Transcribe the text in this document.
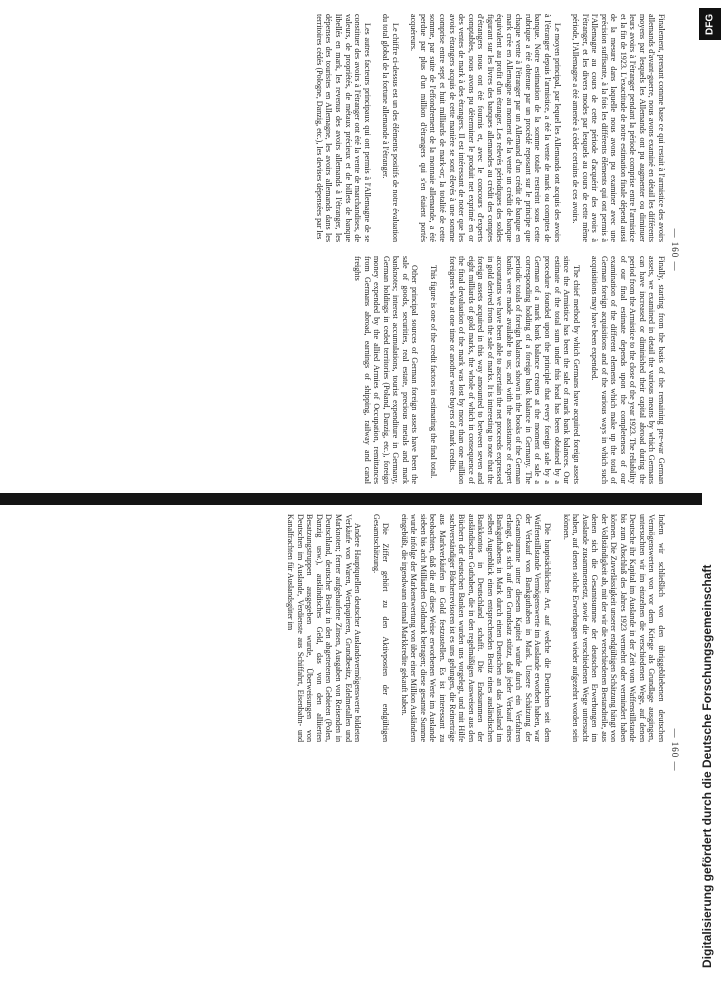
— 160 —

Finalement, prenant comme base ce qui restait à l'armistice des avoirs allemands d'avant-guerre, nous avons examiné en détail les différents moyens par lesquels les Allemands ont pu augmenter ou diminuer leurs avoirs à l'étranger pendant la période comprise entre l'armistice et la fin de 1923. L'exactitude de notre estimation finale dépend aussi de la mesure dans laquelle nous avons pu examiner avec une précision suffisante, à la fois les différents éléments qui ont permis à l'Allemagne au cours de cette période d'acquérir des avoirs à l'étranger, et les divers modes par lesquels au cours de cette même période, l'Allemagne a été amenée à céder certains de ces avoirs.

Le moyen principal, par lequel les Allemands ont acquis des avoirs à l'étranger depuis l'armistice, a été la vente de mark ou comptes de banque. Notre estimation de la somme totale restreint sous cette rubrique a été obtenue par un procédé reposant sur le principe que chaque vente à l'étranger par un Allemand d'un crédit de banque en mark crée en Allemagne au moment de la vente un crédit de banque équivalent au profit d'un étranger. Les relevés périodiques des soldes figurant sur les livres des banques allemandes au crédit des comptes d'étrangers nous ont été fournis et, avec le concours d'experts comptables, nous avons pu déterminer le produit net exprimé en or des ventes de mark à des étrangers. Il est intéressant de noter que les avoirs étrangers acquis de cette manière se sont élevés à une somme comprise entre sept et huit milliards de mark-or; la totalité de cette somme, par suite de l'effondrement de la monnaie allemande, a été perdue par plus d'un million d'étrangers qui s'en étaient portés acquéreurs.

Le chiffre ci-dessus est un des éléments positifs de notre évaluation du total global de la fortune allemande à l'étranger.

Les autres facteurs principaux qui ont permis à l'Allemagne de se constituer des avoirs à l'étranger ont été la vente de marchandises, de valeurs, de propriétés, de métaux précieux et de billets de banque libellés en mark, les revenus des avoirs allemands à l'étranger, les dépenses des touristes en Allemagne, les avoirs allemands dans les territoires cédés (Pologne, Danzig, etc.), les devises dépensées par les

Finally, starting from the basis of the remaining pre-war German assets, we examined in detail the various means by which Germans can have increased or diminished their capital abroad during the period from the Armistice to the close of the year 1923. The reliability of our final estimate depends upon the completeness of our examination of the different elements which make up the total of German foreign acquisitions and of the various ways in which such acquisitions may have been expended.

The chief method by which Germans have acquired foreign assets since the Armistice has been the sale of mark bank balances. Our estimate of the total sum under this head has been obtained by a procedure founded upon the principle that every foreign sale by a German of a mark bank balance creates at the moment of sale a corresponding holding of a foreign bank balance in Germany. The periodic totals of foreign balances shown in the books of the German banks were made available to us; and with the assistance of expert accountants we have been able to ascertain the net proceeds expressed in gold derived from the sale of marks. It is interesting to note that the foreign assets acquired in this way amounted to between seven and eight milliards of gold marks, the whole of which in consequence of the final devaluation of the mark was lost by more than one million foreigners who at one time or another were buyers of mark credits.

This figure is one of the credit factors in estimating the final total.

Other principal sources of German foreign assets have been the sale of goods, securities, real estate, precious metals and mark banknotes; interest accumulations, tourist expenditure in Germany, German holdings in ceded territories (Poland, Danzig, etc.), foreign money expended by the allied Armies of Occupation, remittances from Germans abroad, earnings of shipping, railway and canal freights

— 160 —

Indem wir schließlich von den übriggebliebenen deutschen Vermögenswerten von vor dem Kriege als Grundlage ausgingen, untersuchten wir im einzelnen die verschiedenen Wege, auf denen Deutsche ihr Kapital im Auslande in der Zeit vom Waffenstillstande bis zum Abschluß des Jahres 1923 vermehrt oder vermindert haben können. Die Zuverlässigkeit unserer endgültigen Schätzung hängt von der Vollständigkeit ab, mit der wir die verschiedenen Bestandteile, aus denen sich die Gesamtsumme der deutschen Erwerbungen im Auslande zusammensetzt, sowie die verschiedenen Wege untersucht haben, auf denen solche Erwerbungen wieder aufgezehrt worden sein können.

Die hauptsächlichste Art, auf welche die Deutschen seit dem Waffenstillstande Vermögenswerte im Auslande erworben haben, war der Verkauf von Bankguthaben in Mark. Unsere Schätzung der Gesamtsumme unter diesem Kapitel wurde durch ein Verfahren erlangt, das sich auf den Grundsatz stützt, daß jeder Verkauf eines Bankguthabens in Mark durch einen Deutschen an das Ausland im selben Augenblick einen entsprechenden Besitz eines ausländischen Bankkontos in Deutschland schafft. Die Endsummen der ausländischen Guthaben, die in den regelmäßigen Ausweisen aus den Büchern der deutschen Banken wurden uns vorgelegt, und mit Hilfe sachverständiger Bücherrevisoren ist es uns gelungen, die Reinerträge aus Markverkäufen in Gold festzustellen. Es ist interessant zu beobachten, daß die auf diese Weise erworbenen Werte im Auslande sieben bis acht Milliarden Goldmark betragen; diese gesamte Summe wurde infolge der Markentwertung von über einer Million Ausländern eingebüßt, die irgendwann einmal Markkredite gekauft haben.

Die Ziffer gehört zu den Aktivposten der endgültigen Gesamtschätzung.

Andere Hauptquellen deutscher Auslandsvermögenswerte bildeten Verkäufe von Waren, Wertpapieren, Grundbesitz, Edelmetallen und Marknoten; ferner aufgehaufene Zinsen, Ausgaben von Reisenden in Deutschland, deutscher Besitz in den abgetretenen Gebieten (Polen, Danzig usw.), ausländisches Geld, das von den alliierten Besatzungstruppen ausgegeben wurde, Überweisungen von Deutschen im Auslande, Verdienste aus Schiffahrt, Eisenbahn- und Kanalfrachten für Auslandsgüter im

DFG
Digitalisierung gefördert durch die Deutsche Forschungsgemeinschaft
